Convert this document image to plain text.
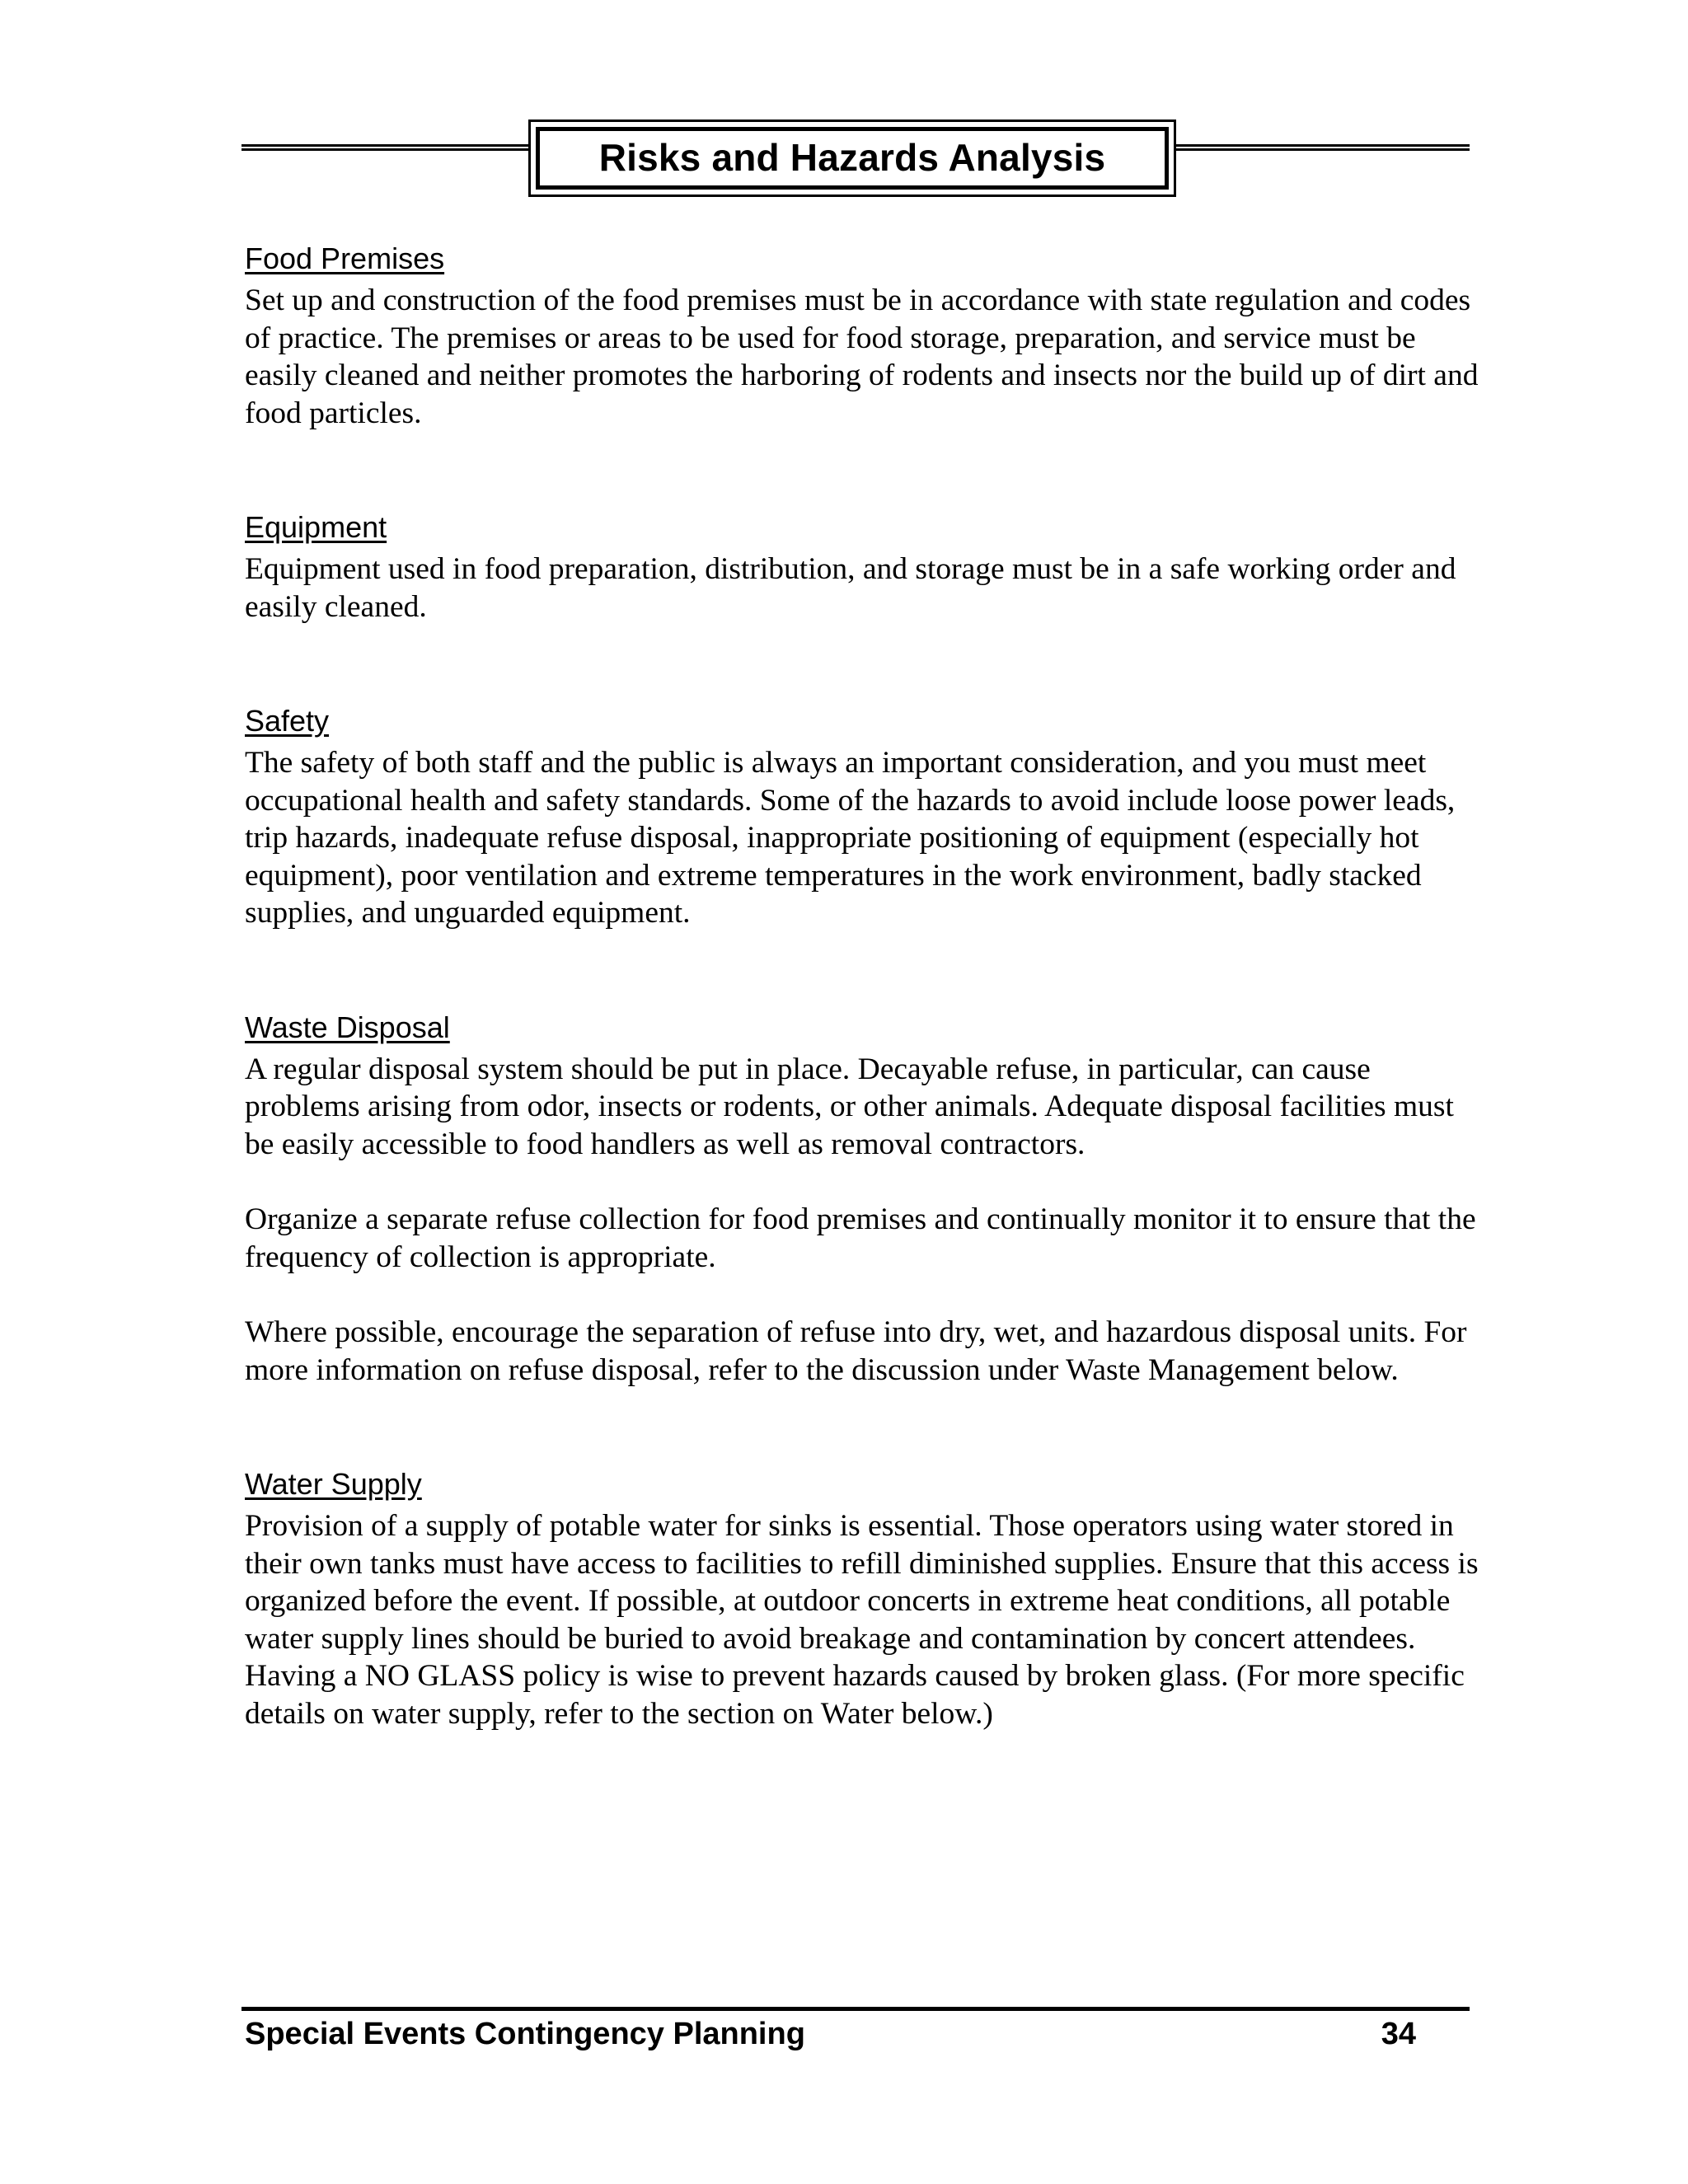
Risks and Hazards Analysis
Food Premises

Set up and construction of the food premises must be in accordance with state regulation and codes of practice. The premises or areas to be used for food storage, preparation, and service must be easily cleaned and neither promotes the harboring of rodents and insects nor the build up of dirt and food particles.

Equipment

Equipment used in food preparation, distribution, and storage must be in a safe working order and easily cleaned.

Safety

The safety of both staff and the public is always an important consideration, and you must meet occupational health and safety standards. Some of the hazards to avoid include loose power leads, trip hazards, inadequate refuse disposal, inappropriate positioning of equipment (especially hot equipment), poor ventilation and extreme temperatures in the work environment, badly stacked supplies, and unguarded equipment.

Waste Disposal

A regular disposal system should be put in place. Decayable refuse, in particular, can cause problems arising from odor, insects or rodents, or other animals. Adequate disposal facilities must be easily accessible to food handlers as well as removal contractors.

Organize a separate refuse collection for food premises and continually monitor it to ensure that the frequency of collection is appropriate.

Where possible, encourage the separation of refuse into dry, wet, and hazardous disposal units. For more information on refuse disposal, refer to the discussion under Waste Management below.

Water Supply

Provision of a supply of potable water for sinks is essential. Those operators using water stored in their own tanks must have access to facilities to refill diminished supplies. Ensure that this access is organized before the event. If possible, at outdoor concerts in extreme heat conditions, all potable water supply lines should be buried to avoid breakage and contamination by concert attendees. Having a NO GLASS policy is wise to prevent hazards caused by broken glass. (For more specific details on water supply, refer to the section on Water below.)

Special Events Contingency Planning	34
